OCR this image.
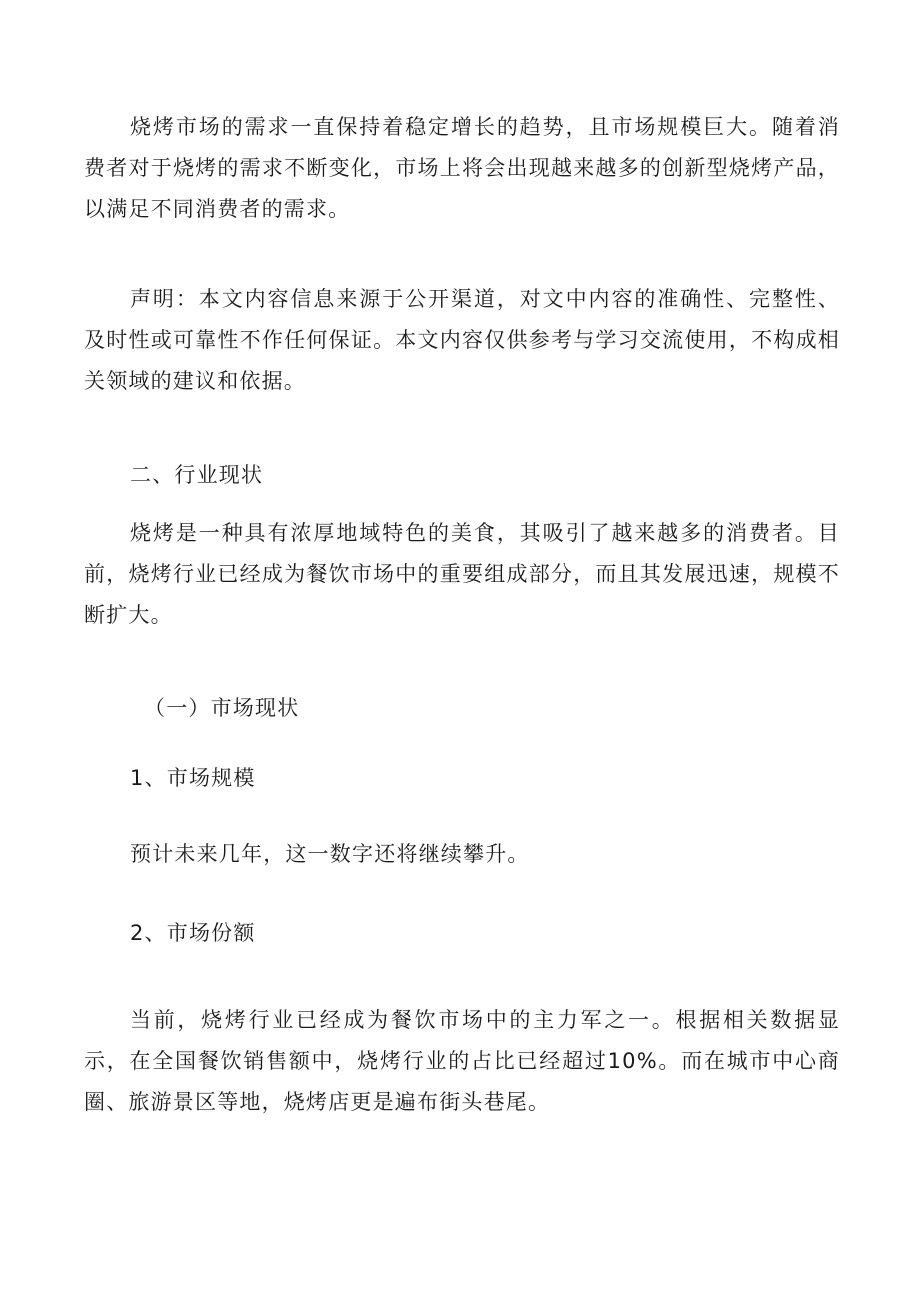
烧烤市场的需求一直保持着稳定增长的趋势，且市场规模巨大。随着消费者对于烧烤的需求不断变化，市场上将会出现越来越多的创新型烧烤产品，以满足不同消费者的需求。

声明：本文内容信息来源于公开渠道，对文中内容的准确性、完整性、及时性或可靠性不作任何保证。本文内容仅供参考与学习交流使用，不构成相关领域的建议和依据。

二、行业现状

烧烤是一种具有浓厚地域特色的美食，其吸引了越来越多的消费者。目前，烧烤行业已经成为餐饮市场中的重要组成部分，而且其发展迅速，规模不断扩大。

（一）市场现状
1、市场规模

预计未来几年，这一数字还将继续攀升。

2、市场份额

当前，烧烤行业已经成为餐饮市场中的主力军之一。根据相关数据显示，在全国餐饮销售额中，烧烤行业的占比已经超过10%。而在城市中心商圈、旅游景区等地，烧烤店更是遍布街头巷尾。
